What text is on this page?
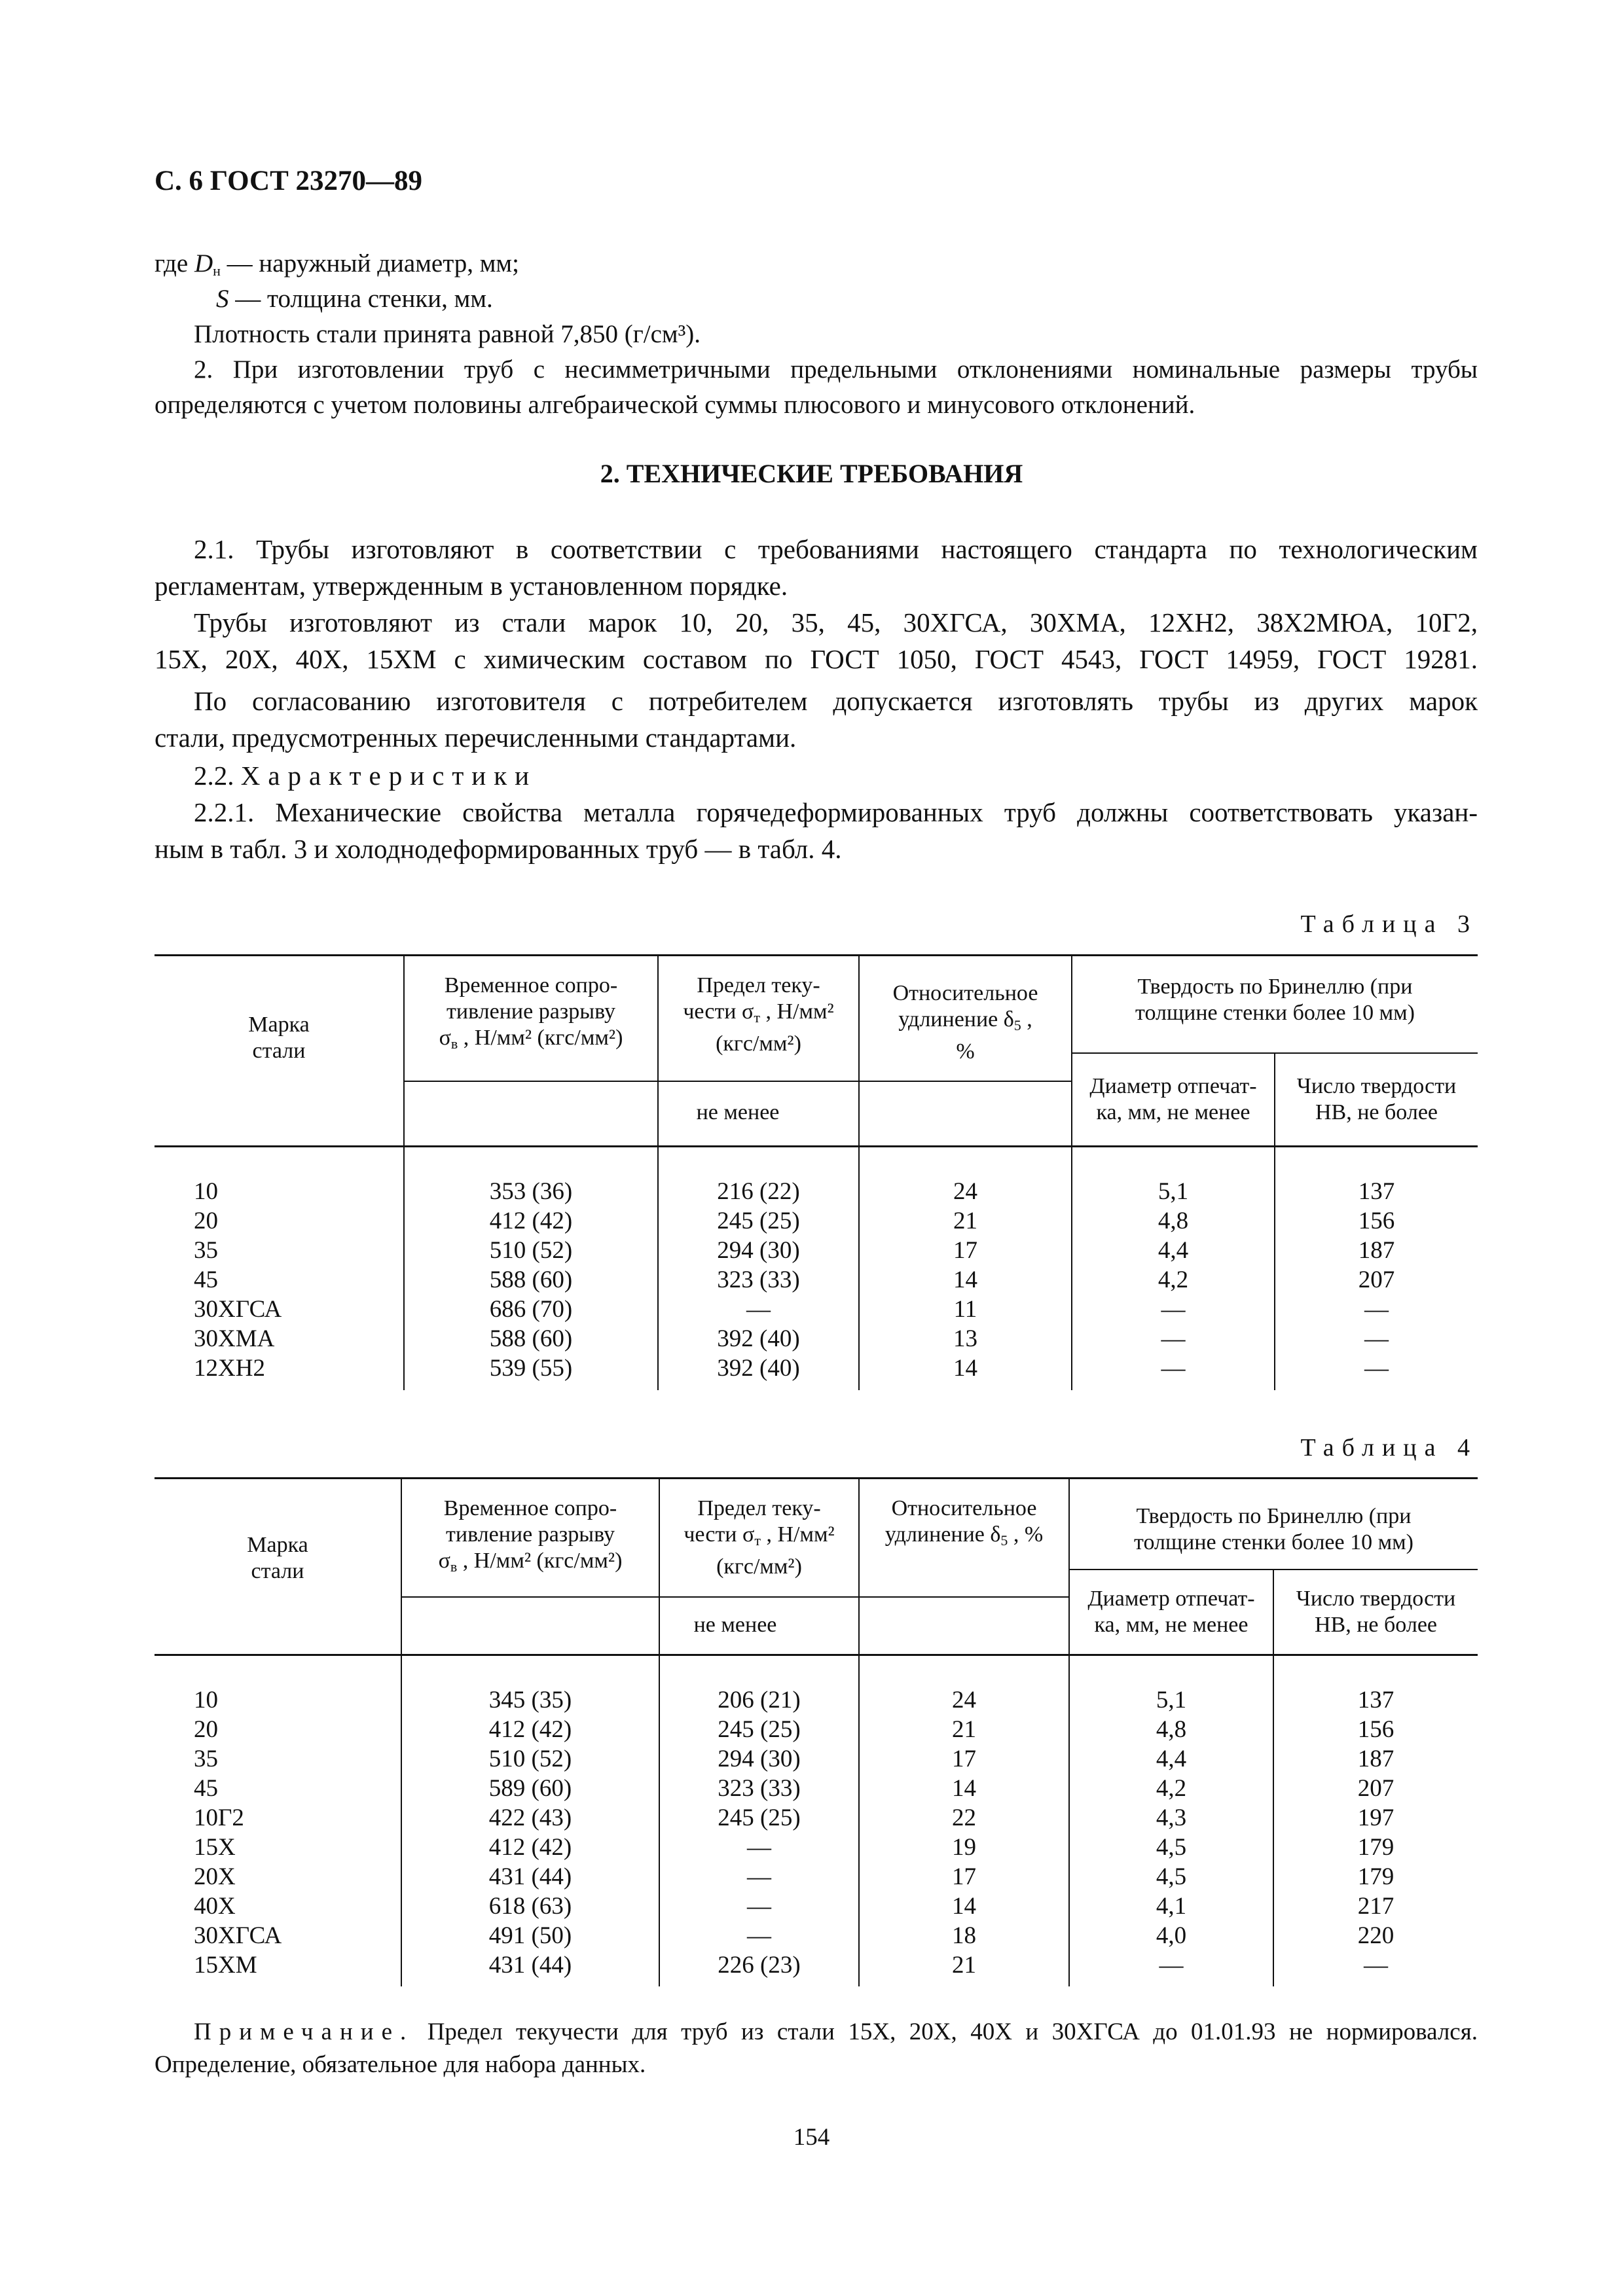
С. 6 ГОСТ 23270—89
где $D_н$ — наружный диаметр, мм;
S — толщина стенки, мм.
Плотность стали принята равной 7,850 (г/см³).
2. При изготовлении труб с несимметричными предельными отклонениями номинальные размеры трубы
определяются с учетом половины алгебраической суммы плюсового и минусового отклонений.
2. ТЕХНИЧЕСКИЕ ТРЕБОВАНИЯ
2.1. Трубы изготовляют в соответствии с требованиями настоящего стандарта по технологическим
регламентам, утвержденным в установленном порядке.
Трубы изготовляют из стали марок 10, 20, 35, 45, 30ХГСА, 30ХМА, 12ХН2, 38Х2МЮА, 10Г2,
15Х, 20Х, 40Х, 15ХМ с химическим составом по ГОСТ 1050, ГОСТ 4543, ГОСТ 14959, ГОСТ 19281.
По согласованию изготовителя с потребителем допускается изготовлять трубы из других марок
стали, предусмотренных перечисленными стандартами.
2.2. Характеристики
2.2.1. Механические свойства металла горячедеформированных труб должны соответствовать указан-
ным в табл. 3 и холоднодеформированных труб — в табл. 4.
Таблица 3
Марка
стали
Временное сопро-
тивление разрыву
$\sigma_в$ , Н/мм² (кгс/мм²)
Предел теку-
чести $\sigma_т$ , Н/мм²
(кгс/мм²)
Относительное
удлинение $\delta_5$ ,
%
Твердость по Бринеллю (при
толщине стенки более 10 мм)
не менее
Диаметр отпечат-
ка, мм, не менее
Число твердости
НВ, не более
10
20
35
45
30ХГСА
30ХМА
12ХН2
353 (36)
412 (42)
510 (52)
588 (60)
686 (70)
588 (60)
539 (55)
216 (22)
245 (25)
294 (30)
323 (33)
—
392 (40)
392 (40)
24
21
17
14
11
13
14
5,1
4,8
4,4
4,2
—
—
—
137
156
187
207
—
—
—
Таблица 4
Марка
стали
Временное сопро-
тивление разрыву
$\sigma_в$ , Н/мм² (кгс/мм²)
Предел теку-
чести $\sigma_т$ , Н/мм²
(кгс/мм²)
Относительное
удлинение $\delta_5$ , %
Твердость по Бринеллю (при
толщине стенки более 10 мм)
не менее
Диаметр отпечат-
ка, мм, не менее
Число твердости
НВ, не более
10
20
35
45
10Г2
15Х
20Х
40Х
30ХГСА
15ХМ
345 (35)
412 (42)
510 (52)
589 (60)
422 (43)
412 (42)
431 (44)
618 (63)
491 (50)
431 (44)
206 (21)
245 (25)
294 (30)
323 (33)
245 (25)
—
—
—
—
226 (23)
24
21
17
14
22
19
17
14
18
21
5,1
4,8
4,4
4,2
4,3
4,5
4,5
4,1
4,0
—
137
156
187
207
197
179
179
217
220
—
Примечание. Предел текучести для труб из стали 15Х, 20Х, 40Х и 30ХГСА до 01.01.93 не нормировался.
Определение, обязательное для набора данных.
154
